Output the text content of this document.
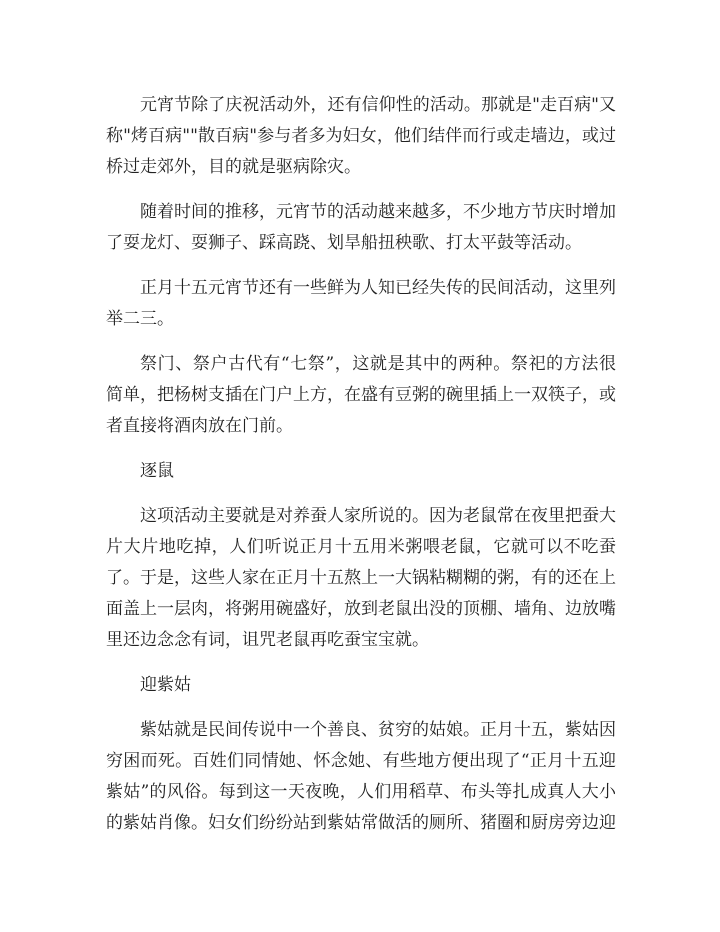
元宵节除了庆祝活动外，还有信仰性的活动。那就是"走百病"又称"烤百病""散百病"参与者多为妇女，他们结伴而行或走墙边，或过桥过走郊外，目的就是驱病除灾。

随着时间的推移，元宵节的活动越来越多，不少地方节庆时增加了耍龙灯、耍狮子、踩高跷、划旱船扭秧歌、打太平鼓等活动。

正月十五元宵节还有一些鲜为人知已经失传的民间活动，这里列举二三。

祭门、祭户古代有“七祭”，这就是其中的两种。祭祀的方法很简单，把杨树支插在门户上方，在盛有豆粥的碗里插上一双筷子，或者直接将酒肉放在门前。

逐鼠

这项活动主要就是对养蚕人家所说的。因为老鼠常在夜里把蚕大片大片地吃掉，人们听说正月十五用米粥喂老鼠，它就可以不吃蚕了。于是，这些人家在正月十五熬上一大锅粘糊糊的粥，有的还在上面盖上一层肉，将粥用碗盛好，放到老鼠出没的顶棚、墙角、边放嘴里还边念念有词，诅咒老鼠再吃蚕宝宝就。

迎紫姑

紫姑就是民间传说中一个善良、贫穷的姑娘。正月十五，紫姑因穷困而死。百姓们同情她、怀念她、有些地方便出现了“正月十五迎紫姑”的风俗。每到这一天夜晚，人们用稻草、布头等扎成真人大小的紫姑肖像。妇女们纷纷站到紫姑常做活的厕所、猪圈和厨房旁边迎
